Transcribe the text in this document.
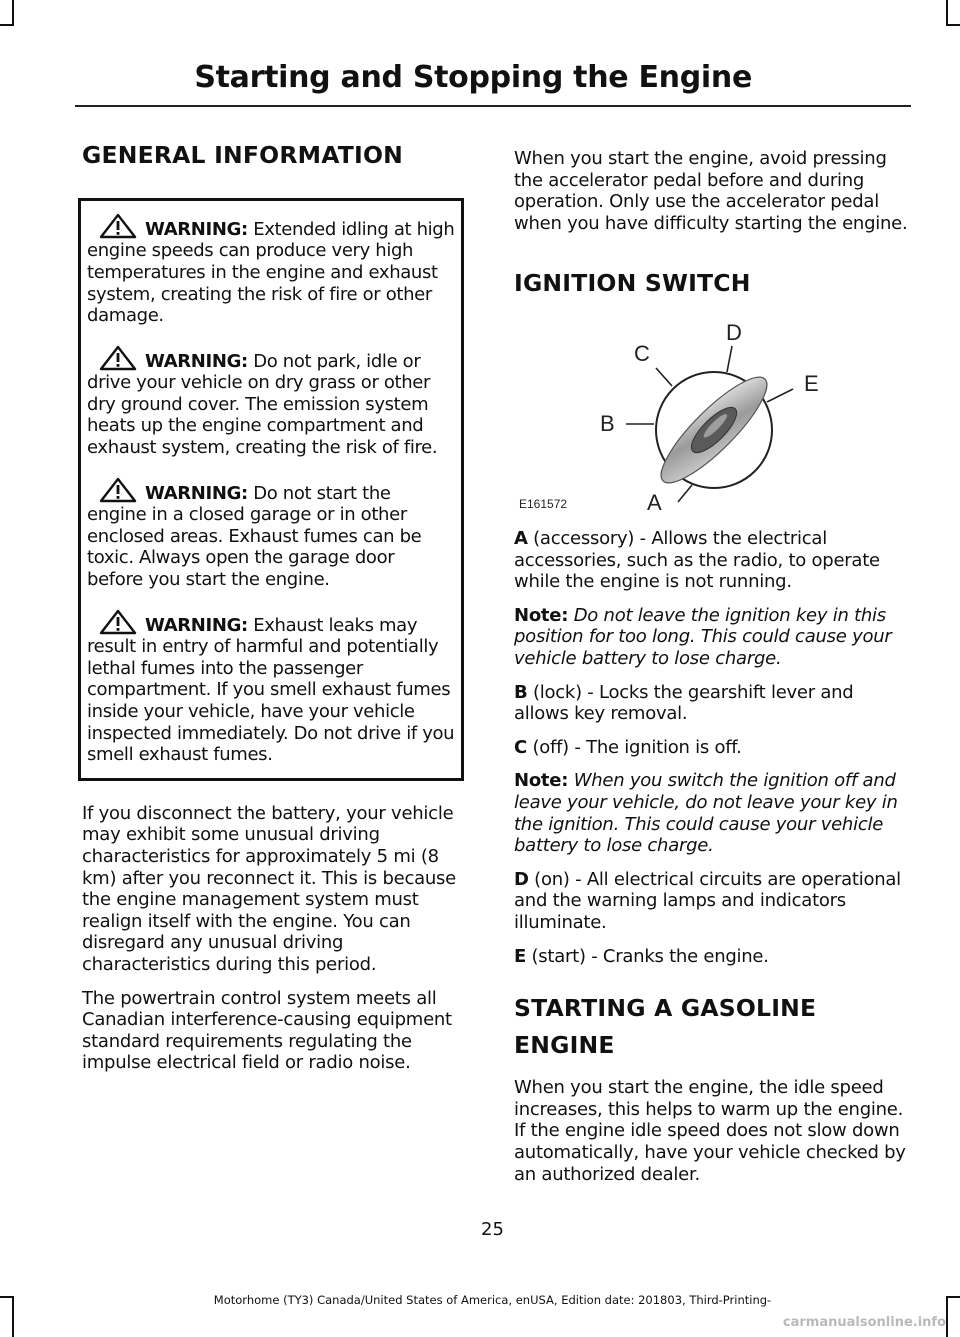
Starting and Stopping the Engine
GENERAL INFORMATION

WARNING: Extended idling at high engine speeds can produce very high temperatures in the engine and exhaust system, creating the risk of fire or other damage.

WARNING: Do not park, idle or drive your vehicle on dry grass or other dry ground cover. The emission system heats up the engine compartment and exhaust system, creating the risk of fire.

WARNING: Do not start the engine in a closed garage or in other enclosed areas. Exhaust fumes can be toxic. Always open the garage door before you start the engine.

WARNING: Exhaust leaks may result in entry of harmful and potentially lethal fumes into the passenger compartment. If you smell exhaust fumes inside your vehicle, have your vehicle inspected immediately. Do not drive if you smell exhaust fumes.

If you disconnect the battery, your vehicle may exhibit some unusual driving characteristics for approximately 5 mi (8 km) after you reconnect it. This is because the engine management system must realign itself with the engine. You can disregard any unusual driving characteristics during this period.

The powertrain control system meets all Canadian interference-causing equipment standard requirements regulating the impulse electrical field or radio noise.

When you start the engine, avoid pressing the accelerator pedal before and during operation. Only use the accelerator pedal when you have difficulty starting the engine.

IGNITION SWITCH
A
B
C
D
E
E161572

A (accessory) - Allows the electrical accessories, such as the radio, to operate while the engine is not running.

Note: Do not leave the ignition key in this position for too long. This could cause your vehicle battery to lose charge.

B (lock) - Locks the gearshift lever and allows key removal.

C (off) - The ignition is off.

Note: When you switch the ignition off and leave your vehicle, do not leave your key in the ignition. This could cause your vehicle battery to lose charge.

D (on) - All electrical circuits are operational and the warning lamps and indicators illuminate.

E (start) - Cranks the engine.

STARTING A GASOLINE
ENGINE

When you start the engine, the idle speed increases, this helps to warm up the engine. If the engine idle speed does not slow down automatically, have your vehicle checked by an authorized dealer.

25
Motorhome (TY3) Canada/United States of America, enUSA, Edition date: 201803, Third-Printing-
carmanualsonline.info
